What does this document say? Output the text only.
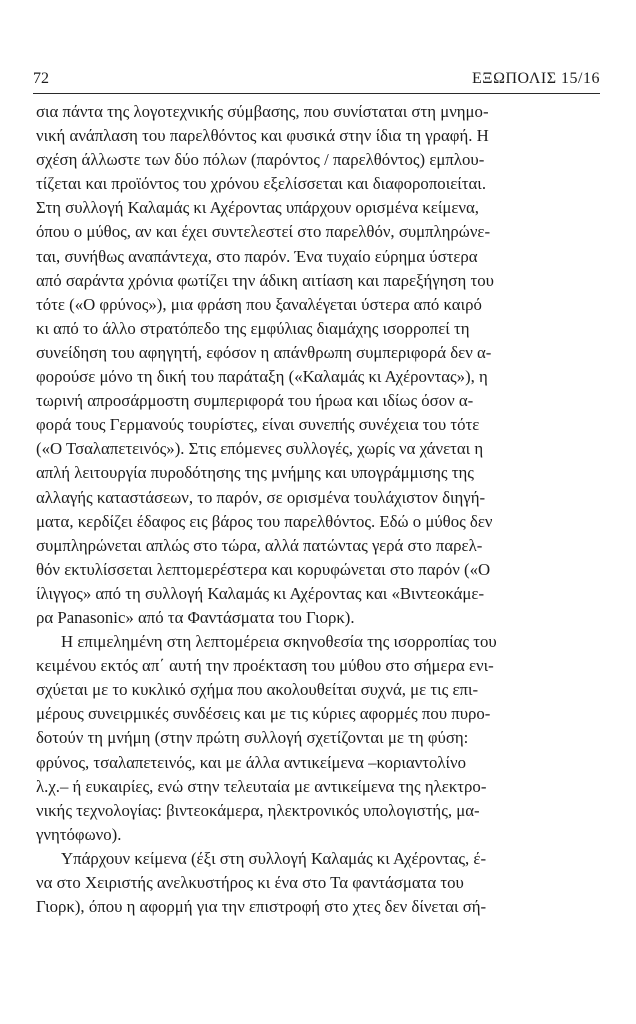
72	ΕΞΩΠΟΛΙΣ 15/16
σια πάντα της λογοτεχνικής σύμβασης, που συνίσταται στη μνημο-
νική ανάπλαση του παρελθόντος και φυσικά στην ίδια τη γραφή. Η
σχέση άλλωστε των δύο πόλων (παρόντος / παρελθόντος) εμπλου-
τίζεται και προϊόντος του χρόνου εξελίσσεται και διαφοροποιείται.
Στη συλλογή Καλαμάς κι Αχέροντας υπάρχουν ορισμένα κείμενα,
όπου ο μύθος, αν και έχει συντελεστεί στο παρελθόν, συμπληρώνε-
ται, συνήθως αναπάντεχα, στο παρόν. Ένα τυχαίο εύρημα ύστερα
από σαράντα χρόνια φωτίζει την άδικη αιτίαση και παρεξήγηση του
τότε («Ο φρύνος»), μια φράση που ξαναλέγεται ύστερα από καιρό
κι από το άλλο στρατόπεδο της εμφύλιας διαμάχης ισορροπεί τη
συνείδηση του αφηγητή, εφόσον η απάνθρωπη συμπεριφορά δεν α-
φορούσε μόνο τη δική του παράταξη («Καλαμάς κι Αχέροντας»), η
τωρινή απροσάρμοστη συμπεριφορά του ήρωα και ιδίως όσον α-
φορά τους Γερμανούς τουρίστες, είναι συνεπής συνέχεια του τότε
(«Ο Τσαλαπετεινός»). Στις επόμενες συλλογές, χωρίς να χάνεται η
απλή λειτουργία πυροδότησης της μνήμης και υπογράμμισης της
αλλαγής καταστάσεων, το παρόν, σε ορισμένα τουλάχιστον διηγή-
ματα, κερδίζει έδαφος εις βάρος του παρελθόντος. Εδώ ο μύθος δεν
συμπληρώνεται απλώς στο τώρα, αλλά πατώντας γερά στο παρελ-
θόν εκτυλίσσεται λεπτομερέστερα και κορυφώνεται στο παρόν («Ο
ίλιγγος» από τη συλλογή Καλαμάς κι Αχέροντας και «Βιντεοκάμε-
ρα Panasonic» από τα Φαντάσματα του Γιορκ).
Η επιμελημένη στη λεπτομέρεια σκηνοθεσία της ισορροπίας του
κειμένου εκτός απ΄ αυτή την προέκταση του μύθου στο σήμερα ενι-
σχύεται με το κυκλικό σχήμα που ακολουθείται συχνά, με τις επι-
μέρους συνειρμικές συνδέσεις και με τις κύριες αφορμές που πυρο-
δοτούν τη μνήμη (στην πρώτη συλλογή σχετίζονται με τη φύση:
φρύνος, τσαλαπετεινός, και με άλλα αντικείμενα –κοριαντολίνο
λ.χ.– ή ευκαιρίες, ενώ στην τελευταία με αντικείμενα της ηλεκτρο-
νικής τεχνολογίας: βιντεοκάμερα, ηλεκτρονικός υπολογιστής, μα-
γνητόφωνο).
Υπάρχουν κείμενα (έξι στη συλλογή Καλαμάς κι Αχέροντας, έ-
να στο Χειριστής ανελκυστήρος κι ένα στο Τα φαντάσματα του
Γιορκ), όπου η αφορμή για την επιστροφή στο χτες δεν δίνεται σή-
